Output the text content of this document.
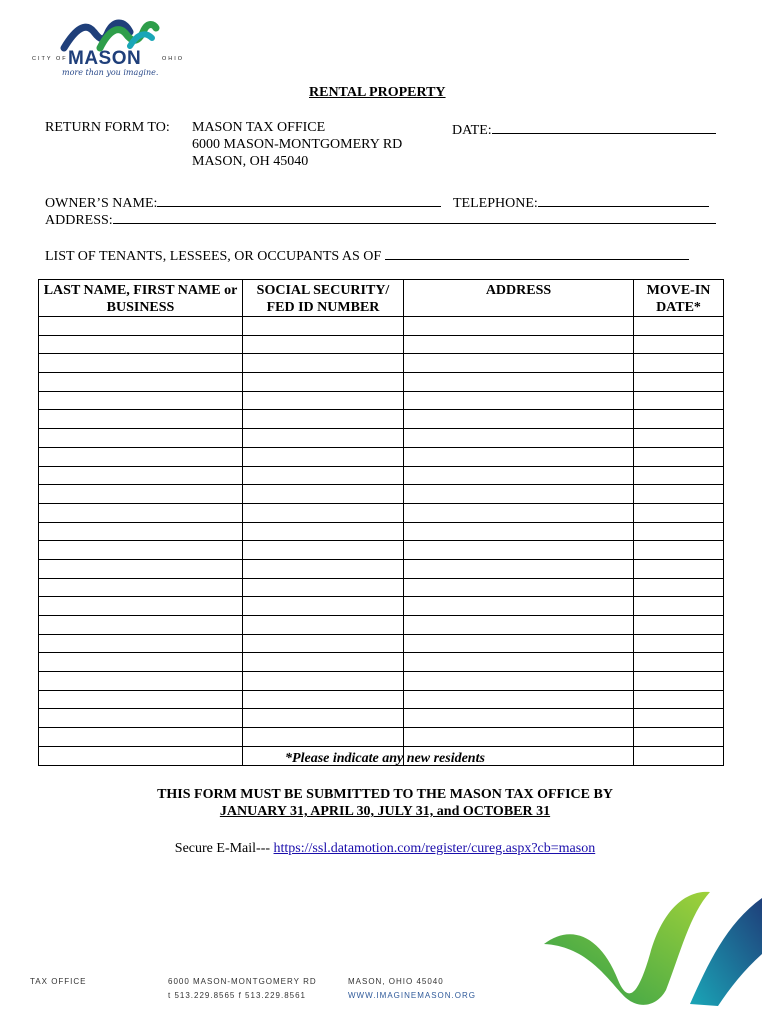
CITY OF MASON	OHIO
more than you imagine.
RENTAL PROPERTY
RETURN FORM TO: MASON TAX OFFICE
6000 MASON-MONTGOMERY RD
MASON, OH 45040
DATE:
OWNER’S NAME:	TELEPHONE:
ADDRESS:
LIST OF TENANTS, LESSEES, OR OCCUPANTS AS OF
LAST NAME, FIRST NAME or BUSINESS	SOCIAL SECURITY/ FED ID NUMBER	ADDRESS	MOVE-IN DATE*

*Please indicate any new residents
THIS FORM MUST BE SUBMITTED TO THE MASON TAX OFFICE BY
JANUARY 31, APRIL 30, JULY 31, and OCTOBER 31
Secure E-Mail--- https://ssl.datamotion.com/register/cureg.aspx?cb=mason
TAX OFFICE	6000 MASON-MONTGOMERY RD
t 513.229.8565 f 513.229.8561
MASON, OHIO 45040
WWW.IMAGINEMASON.ORG
